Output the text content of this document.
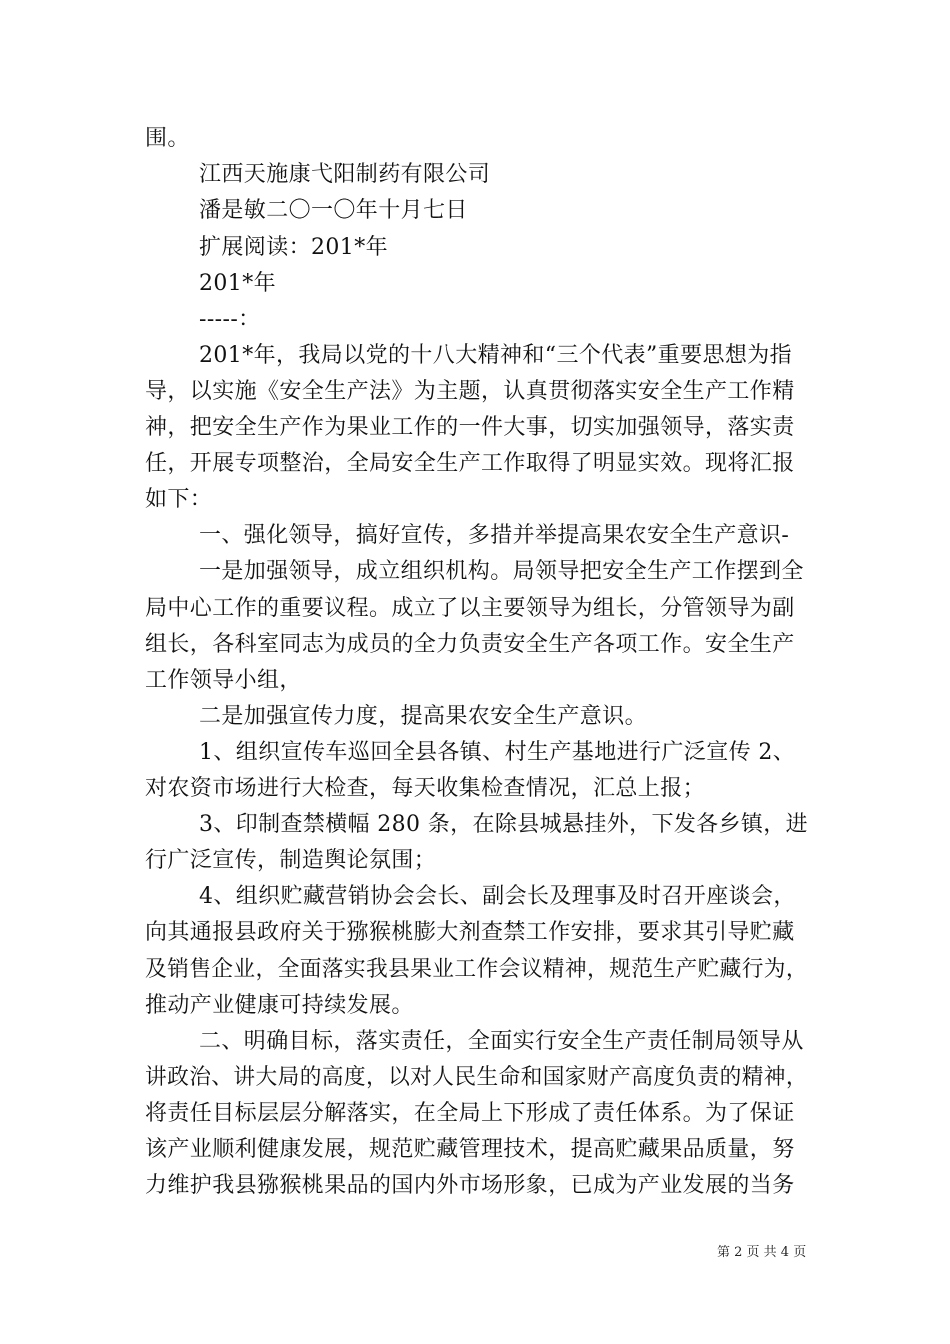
围。
江西天施康弋阳制药有限公司
潘是敏二〇一〇年十月七日
扩展阅读：201*年
201*年
-----：
201*年，我局以党的十八大精神和“三个代表”重要思想为指
导，以实施《安全生产法》为主题，认真贯彻落实安全生产工作精
神，把安全生产作为果业工作的一件大事，切实加强领导，落实责
任，开展专项整治，全局安全生产工作取得了明显实效。现将汇报
如下：
一、强化领导，搞好宣传，多措并举提高果农安全生产意识-
一是加强领导，成立组织机构。局领导把安全生产工作摆到全
局中心工作的重要议程。成立了以主要领导为组长，分管领导为副
组长，各科室同志为成员的全力负责安全生产各项工作。安全生产
工作领导小组，
二是加强宣传力度，提高果农安全生产意识。
1、组织宣传车巡回全县各镇、村生产基地进行广泛宣传 2、
对农资市场进行大检查，每天收集检查情况，汇总上报；
3、印制查禁横幅 280 条，在除县城悬挂外，下发各乡镇，进
行广泛宣传，制造舆论氛围；
4、组织贮藏营销协会会长、副会长及理事及时召开座谈会，
向其通报县政府关于猕猴桃膨大剂查禁工作安排，要求其引导贮藏
及销售企业，全面落实我县果业工作会议精神，规范生产贮藏行为，
推动产业健康可持续发展。
二、明确目标，落实责任，全面实行安全生产责任制局领导从
讲政治、讲大局的高度，以对人民生命和国家财产高度负责的精神，
将责任目标层层分解落实，在全局上下形成了责任体系。为了保证
该产业顺利健康发展，规范贮藏管理技术，提高贮藏果品质量，努
力维护我县猕猴桃果品的国内外市场形象，已成为产业发展的当务
第 2 页 共 4 页
